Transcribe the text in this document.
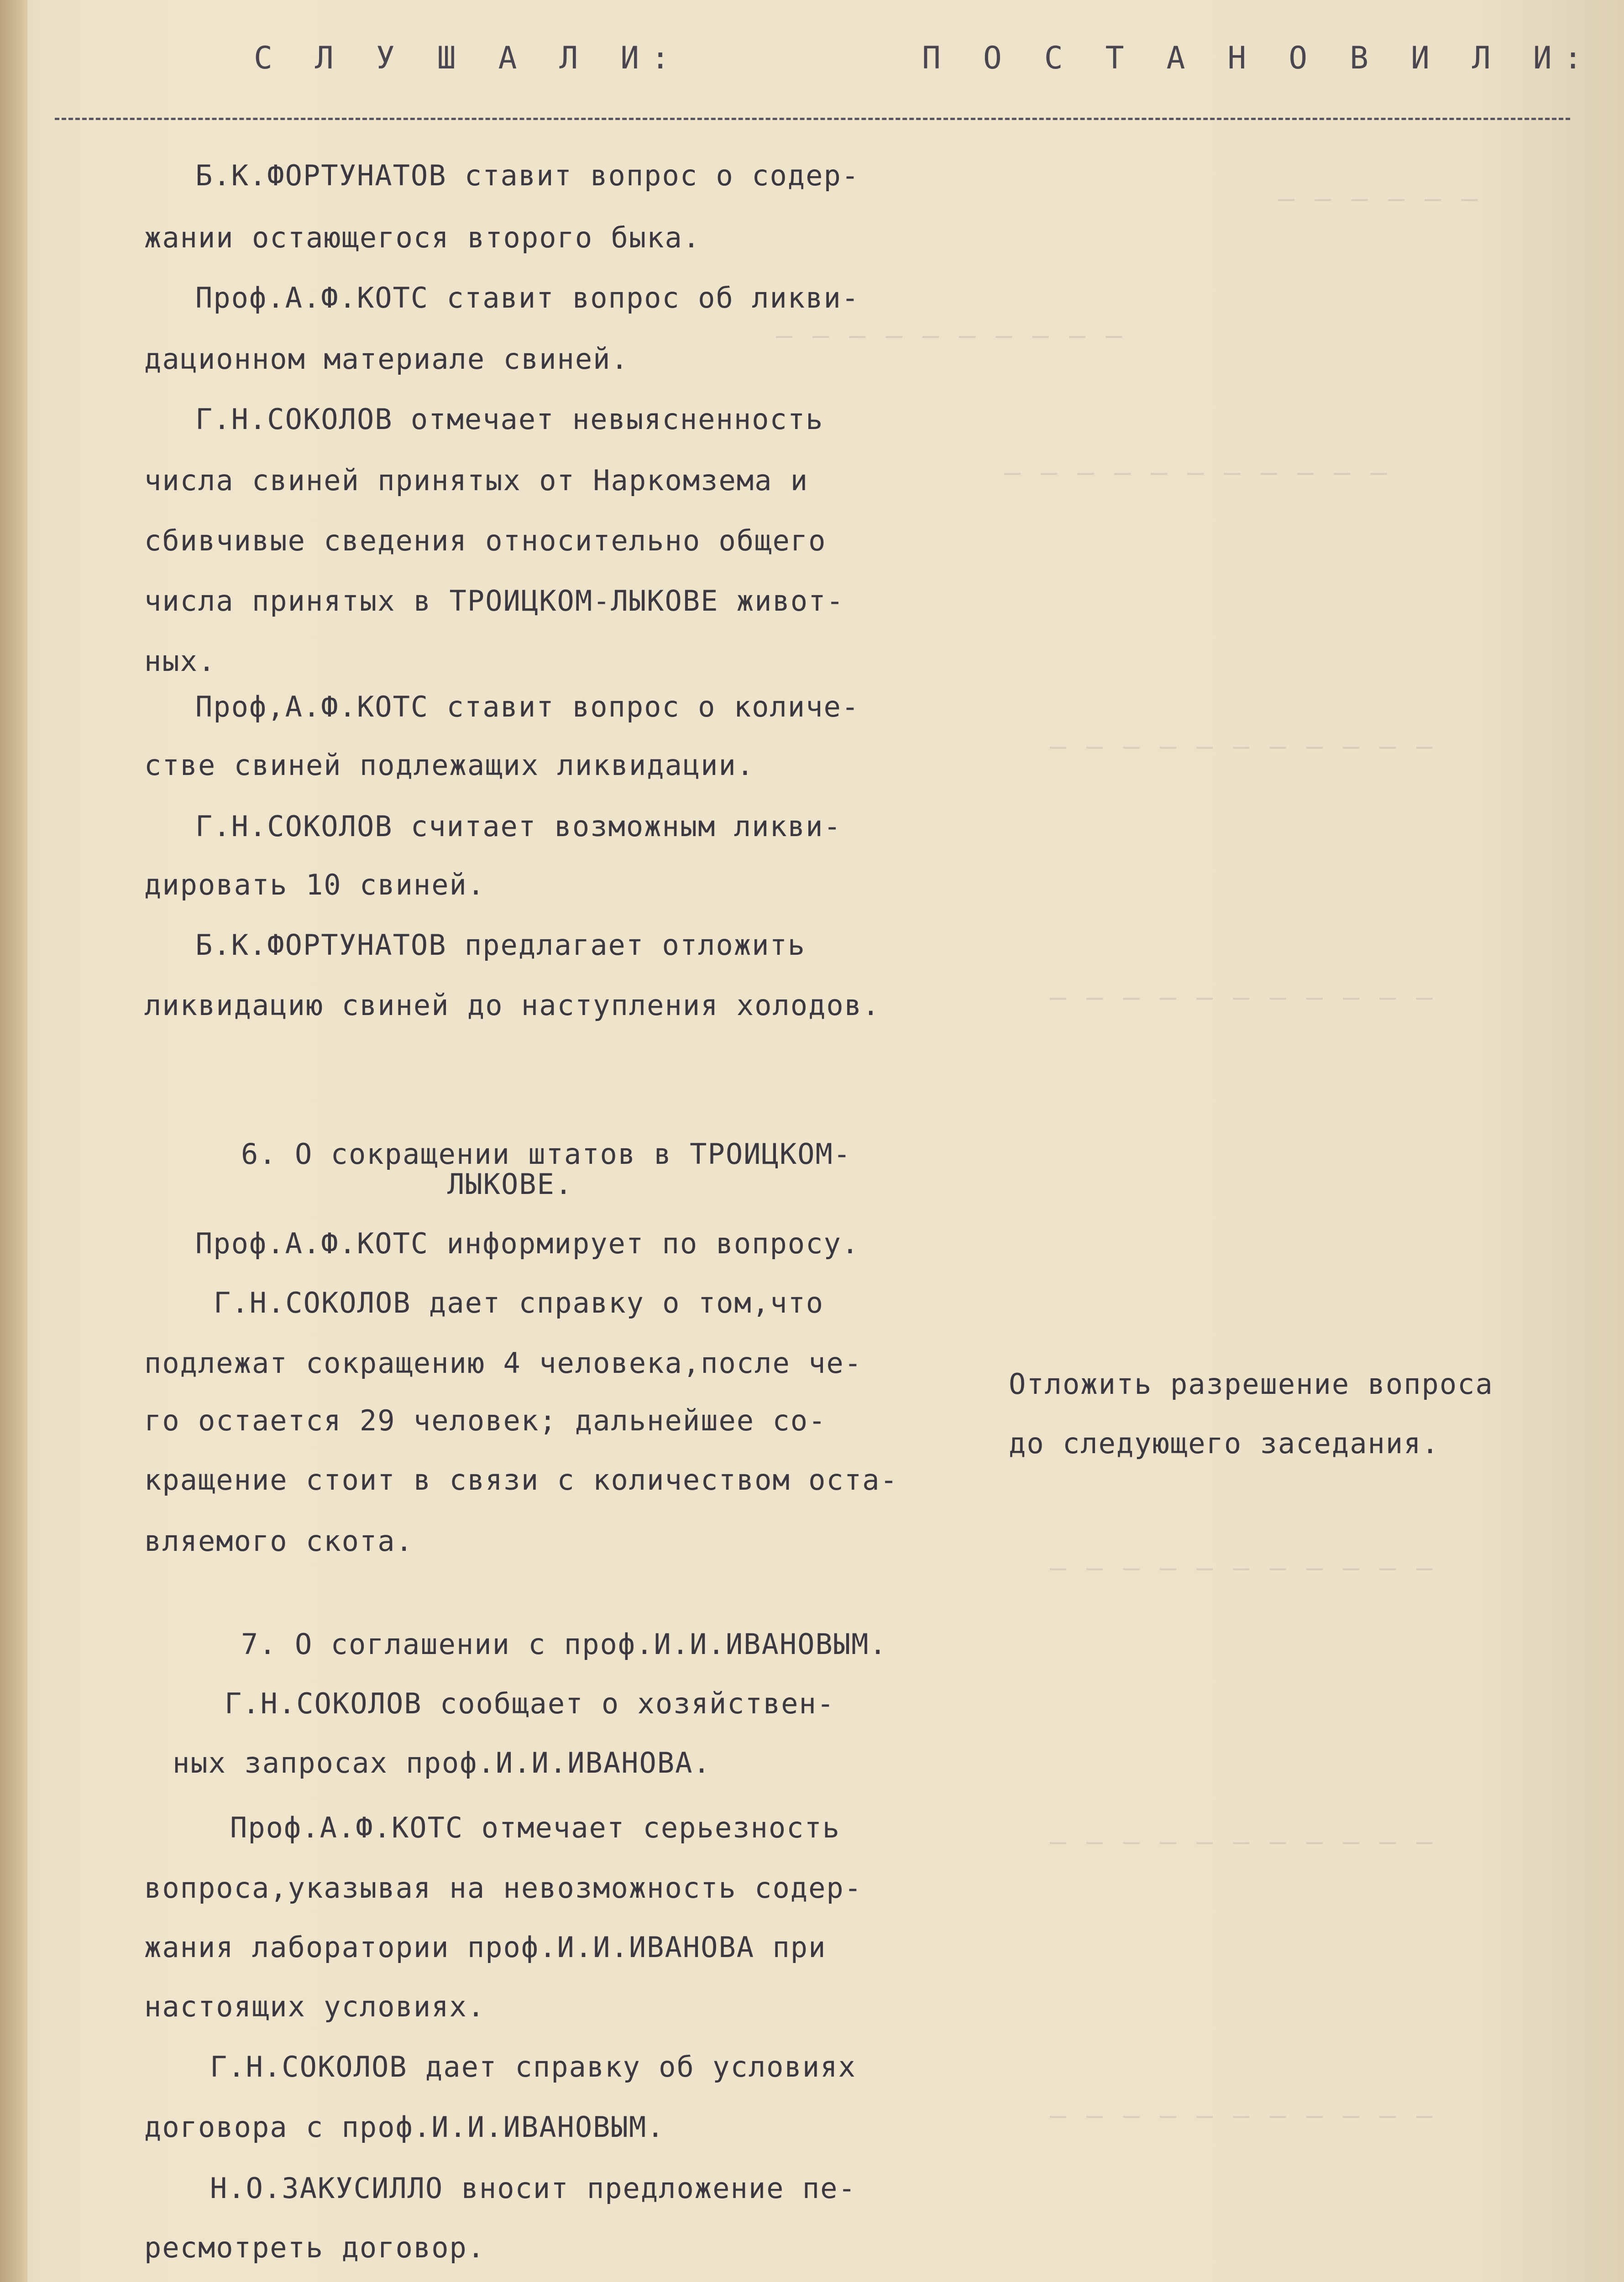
— — — — — —
— — — — — — — — — —
— — — — — — — — — — —
— — — — — — — — — — —
— — — — — — — — — — —
— — — — — — — — — — —
— — — — — — — — — — —
— — — — — — — — — — —
С Л У Ш А Л И:	П О С Т А Н О В И Л И:
Б.К.ФОРТУНАТОВ ставит вопрос о содер-
жании остающегося второго быка.
Проф.А.Ф.КОТС ставит вопрос об ликви-
дационном материале свиней.
Г.Н.СОКОЛОВ отмечает невыясненность
числа свиней принятых от Наркомзема и
сбивчивые сведения относительно общего
числа принятых в ТРОИЦКОМ-ЛЫКОВЕ живот-
ных.
Проф,А.Ф.КОТС ставит вопрос о количе-
стве свиней подлежащих ликвидации.
Г.Н.СОКОЛОВ считает возможным ликви-
дировать 10 свиней.
Б.К.ФОРТУНАТОВ предлагает отложить
ликвидацию свиней до наступления холодов.
6. О сокращении штатов в ТРОИЦКОМ-
ЛЫКОВЕ.
Проф.А.Ф.КОТС информирует по вопросу.
Г.Н.СОКОЛОВ дает справку о том,что
подлежат сокращению 4 человека,после че-
го остается 29 человек; дальнейшее со-
кращение стоит в связи с количеством оста-
вляемого скота.
Отложить разрешение вопроса
до следующего заседания.
7. О соглашении с проф.И.И.ИВАНОВЫМ.
Г.Н.СОКОЛОВ сообщает о хозяйствен-
ных запросах проф.И.И.ИВАНОВА.
Проф.А.Ф.КОТС отмечает серьезность
вопроса,указывая на невозможность содер-
жания лаборатории проф.И.И.ИВАНОВА при
настоящих условиях.
Г.Н.СОКОЛОВ дает справку об условиях
договора с проф.И.И.ИВАНОВЫМ.
Н.О.ЗАКУСИЛЛО вносит предложение пе-
ресмотреть договор.
